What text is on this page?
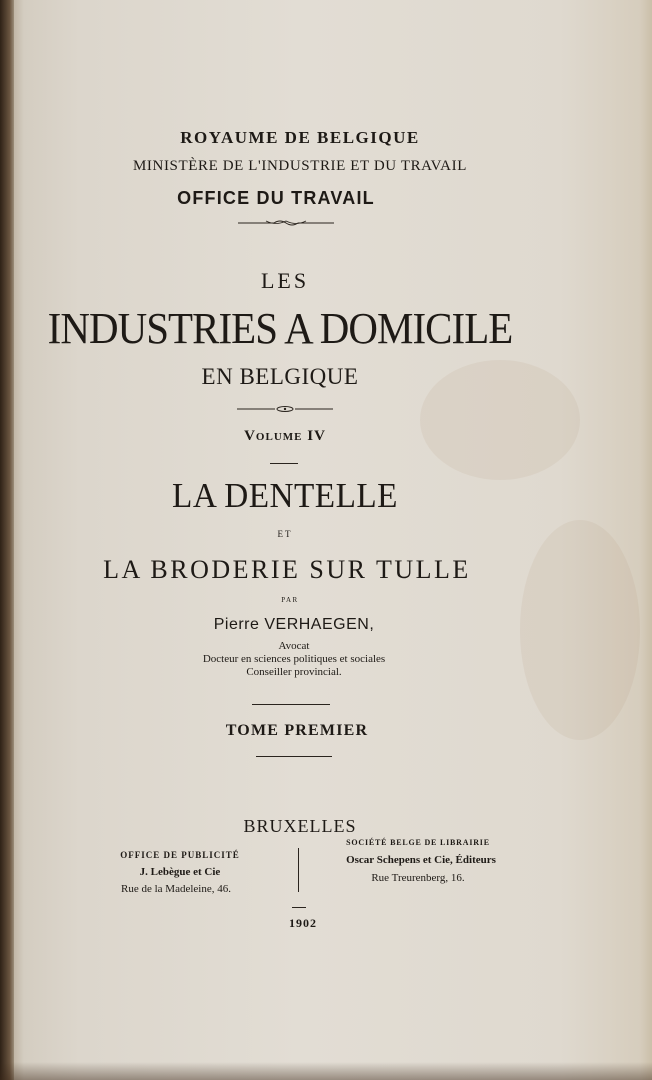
ROYAUME DE BELGIQUE
MINISTÈRE DE L'INDUSTRIE ET DU TRAVAIL
OFFICE DU TRAVAIL
LES
INDUSTRIES A DOMICILE
EN BELGIQUE
Volume IV
LA DENTELLE
ET
LA BRODERIE SUR TULLE
PAR
Pierre VERHAEGEN,
Avocat
Docteur en sciences politiques et sociales
Conseiller provincial.
TOME PREMIER
BRUXELLES
OFFICE DE PUBLICITÉ
J. Lebègue et Cie
Rue de la Madeleine, 46.
SOCIÉTÉ BELGE DE LIBRAIRIE
Oscar Schepens et Cie, Éditeurs
Rue Treurenberg, 16.
1902
